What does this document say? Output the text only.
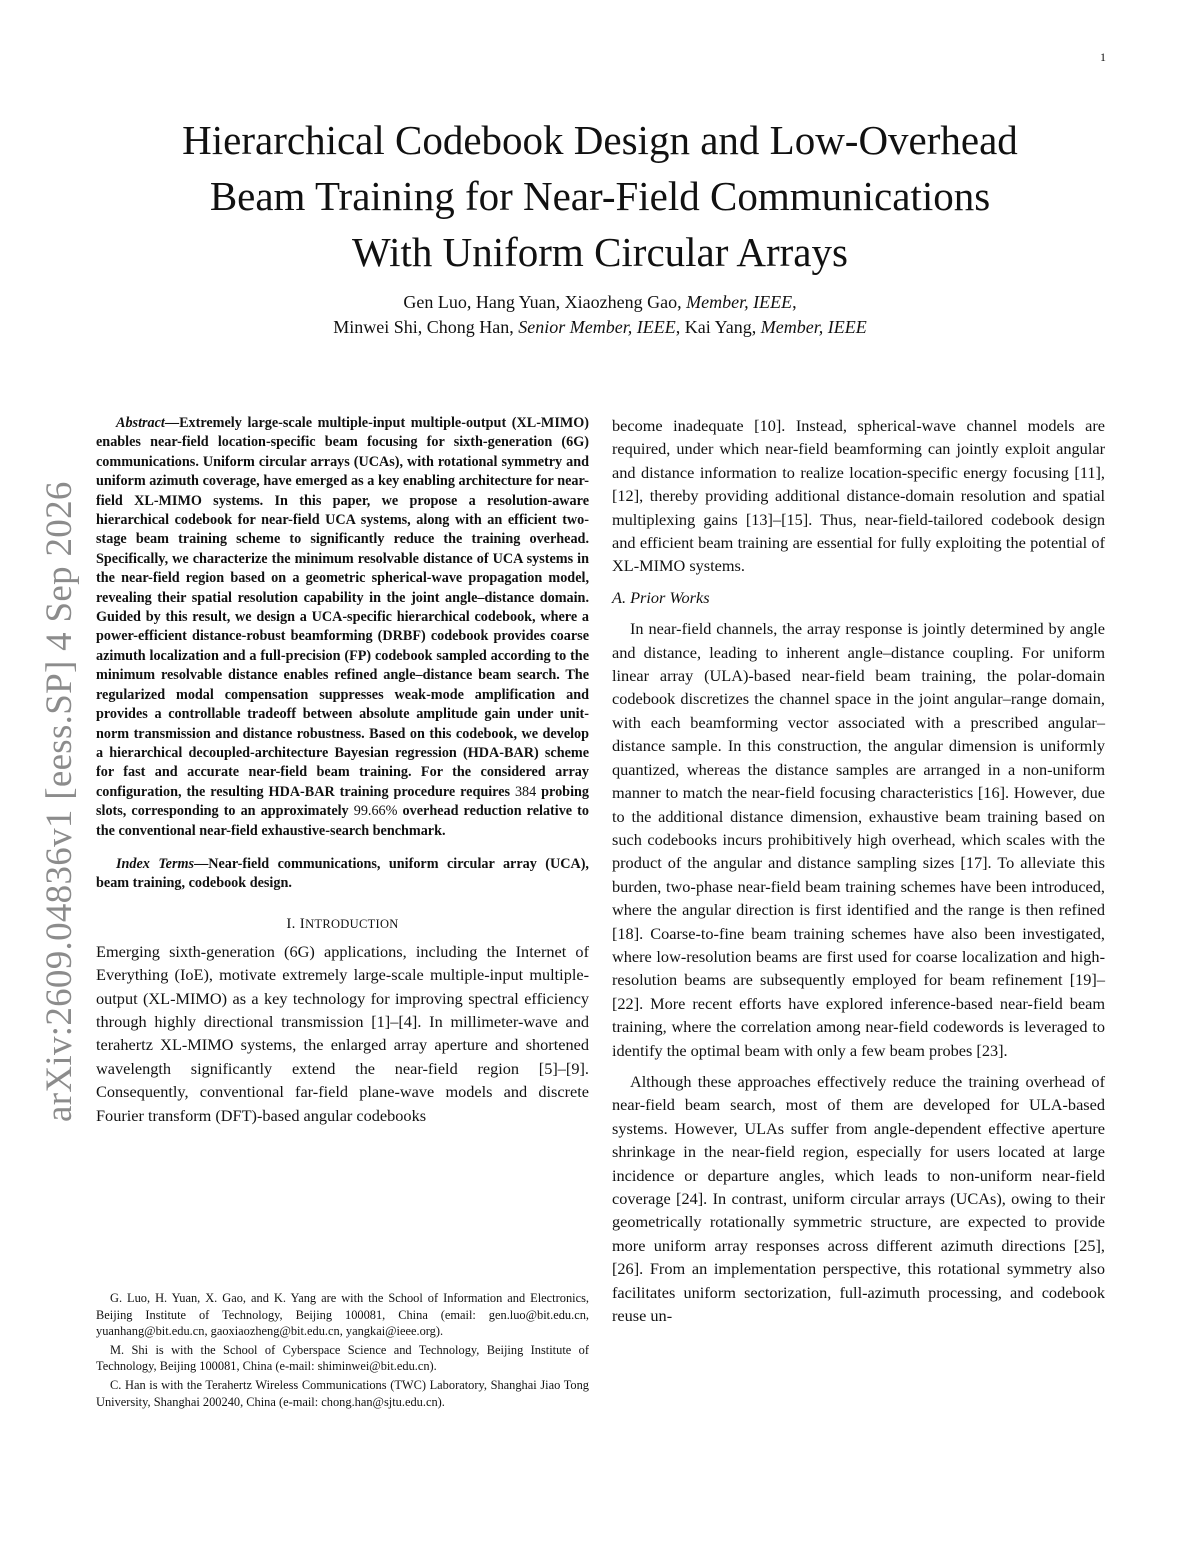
1
Hierarchical Codebook Design and Low-Overhead
Beam Training for Near-Field Communications
With Uniform Circular Arrays
Gen Luo, Hang Yuan, Xiaozheng Gao, Member, IEEE,
Minwei Shi, Chong Han, Senior Member, IEEE, Kai Yang, Member, IEEE
arXiv:2609.04836v1 [eess.SP] 4 Sep 2026

Abstract—Extremely large-scale multiple-input multiple-output (XL-MIMO) enables near-field location-specific beam focusing for sixth-generation (6G) communications. Uniform circular arrays (UCAs), with rotational symmetry and uniform azimuth coverage, have emerged as a key enabling architecture for near-field XL-MIMO systems. In this paper, we propose a resolution-aware hierarchical codebook for near-field UCA systems, along with an efficient two-stage beam training scheme to significantly reduce the training overhead. Specifically, we characterize the minimum resolvable distance of UCA systems in the near-field region based on a geometric spherical-wave propagation model, revealing their spatial resolution capability in the joint angle–distance domain. Guided by this result, we design a UCA-specific hierarchical codebook, where a power-efficient distance-robust beamforming (DRBF) codebook provides coarse azimuth localization and a full-precision (FP) codebook sampled according to the minimum resolvable distance enables refined angle–distance beam search. The regularized modal compensation suppresses weak-mode amplification and provides a controllable tradeoff between absolute amplitude gain under unit-norm transmission and distance robustness. Based on this codebook, we develop a hierarchical decoupled-architecture Bayesian regression (HDA-BAR) scheme for fast and accurate near-field beam training. For the considered array configuration, the resulting HDA-BAR training procedure requires 384 probing slots, corresponding to an approximately 99.66% overhead reduction relative to the conventional near-field exhaustive-search benchmark.

Index Terms—Near-field communications, uniform circular array (UCA), beam training, codebook design.

I. INTRODUCTION

Emerging sixth-generation (6G) applications, including the Internet of Everything (IoE), motivate extremely large-scale multiple-input multiple-output (XL-MIMO) as a key technology for improving spectral efficiency through highly directional transmission [1]–[4]. In millimeter-wave and terahertz XL-MIMO systems, the enlarged array aperture and shortened wavelength significantly extend the near-field region [5]–[9]. Consequently, conventional far-field plane-wave models and discrete Fourier transform (DFT)-based angular codebooks

G. Luo, H. Yuan, X. Gao, and K. Yang are with the School of Information and Electronics, Beijing Institute of Technology, Beijing 100081, China (email: gen.luo@bit.edu.cn, yuanhang@bit.edu.cn, gaoxiaozheng@bit.edu.cn, yangkai@ieee.org).

M. Shi is with the School of Cyberspace Science and Technology, Beijing Institute of Technology, Beijing 100081, China (e-mail: shiminwei@bit.edu.cn).

C. Han is with the Terahertz Wireless Communications (TWC) Laboratory, Shanghai Jiao Tong University, Shanghai 200240, China (e-mail: chong.han@sjtu.edu.cn).

become inadequate [10]. Instead, spherical-wave channel models are required, under which near-field beamforming can jointly exploit angular and distance information to realize location-specific energy focusing [11], [12], thereby providing additional distance-domain resolution and spatial multiplexing gains [13]–[15]. Thus, near-field-tailored codebook design and efficient beam training are essential for fully exploiting the potential of XL-MIMO systems.

A. Prior Works

In near-field channels, the array response is jointly determined by angle and distance, leading to inherent angle–distance coupling. For uniform linear array (ULA)-based near-field beam training, the polar-domain codebook discretizes the channel space in the joint angular–range domain, with each beamforming vector associated with a prescribed angular–distance sample. In this construction, the angular dimension is uniformly quantized, whereas the distance samples are arranged in a non-uniform manner to match the near-field focusing characteristics [16]. However, due to the additional distance dimension, exhaustive beam training based on such codebooks incurs prohibitively high overhead, which scales with the product of the angular and distance sampling sizes [17]. To alleviate this burden, two-phase near-field beam training schemes have been introduced, where the angular direction is first identified and the range is then refined [18]. Coarse-to-fine beam training schemes have also been investigated, where low-resolution beams are first used for coarse localization and high-resolution beams are subsequently employed for beam refinement [19]–[22]. More recent efforts have explored inference-based near-field beam training, where the correlation among near-field codewords is leveraged to identify the optimal beam with only a few beam probes [23].

Although these approaches effectively reduce the training overhead of near-field beam search, most of them are developed for ULA-based systems. However, ULAs suffer from angle-dependent effective aperture shrinkage in the near-field region, especially for users located at large incidence or departure angles, which leads to non-uniform near-field coverage [24]. In contrast, uniform circular arrays (UCAs), owing to their geometrically rotationally symmetric structure, are expected to provide more uniform array responses across different azimuth directions [25], [26]. From an implementation perspective, this rotational symmetry also facilitates uniform sectorization, full-azimuth processing, and codebook reuse un-
